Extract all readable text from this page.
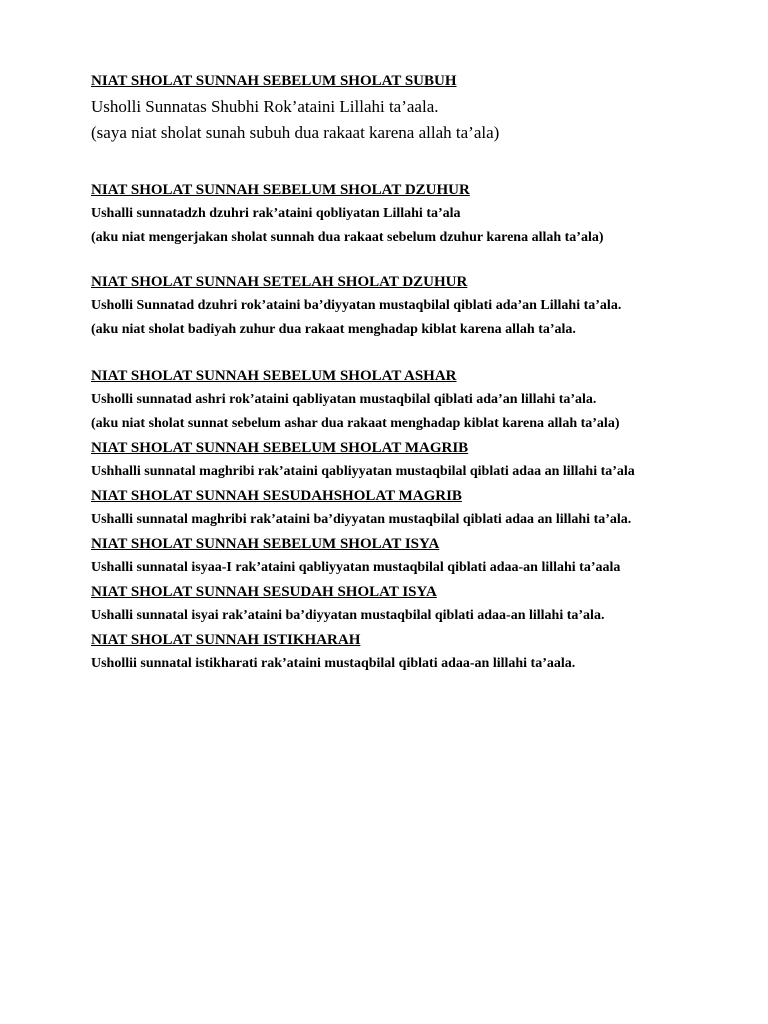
NIAT SHOLAT SUNNAH SEBELUM SHOLAT SUBUH
Usholli Sunnatas Shubhi Rok’ataini Lillahi ta’aala.
(saya niat sholat sunah subuh dua rakaat karena allah ta’ala)
NIAT SHOLAT SUNNAH SEBELUM SHOLAT DZUHUR
Ushalli sunnatadzh dzuhri rak’ataini qobliyatan Lillahi ta’ala
(aku niat mengerjakan sholat sunnah dua rakaat sebelum dzuhur karena allah ta’ala)
NIAT SHOLAT SUNNAH SETELAH SHOLAT DZUHUR
Usholli Sunnatad dzuhri rok’ataini ba’diyyatan mustaqbilal qiblati ada’an Lillahi ta’ala.
(aku niat sholat badiyah zuhur dua rakaat menghadap kiblat karena allah ta’ala.
NIAT SHOLAT SUNNAH SEBELUM SHOLAT ASHAR
Usholli sunnatad ashri rok’ataini qabliyatan mustaqbilal qiblati ada’an lillahi ta’ala.
(aku niat sholat sunnat sebelum ashar dua rakaat menghadap kiblat karena allah ta’ala)
NIAT SHOLAT SUNNAH SEBELUM SHOLAT MAGRIB
Ushhalli sunnatal maghribi rak’ataini qabliyyatan mustaqbilal qiblati adaa an lillahi ta’ala
NIAT SHOLAT SUNNAH SESUDAHSHOLAT MAGRIB
Ushalli sunnatal maghribi rak’ataini ba’diyyatan mustaqbilal qiblati adaa an lillahi ta’ala.
NIAT SHOLAT SUNNAH SEBELUM SHOLAT ISYA
Ushalli sunnatal isyaa-I rak’ataini qabliyyatan mustaqbilal qiblati adaa-an lillahi ta’aala
NIAT SHOLAT SUNNAH SESUDAH SHOLAT ISYA
Ushalli sunnatal isyai rak’ataini ba’diyyatan mustaqbilal qiblati adaa-an lillahi ta’ala.
NIAT SHOLAT SUNNAH ISTIKHARAH
Ushollii sunnatal istikharati rak’ataini mustaqbilal qiblati adaa-an lillahi ta’aala.
